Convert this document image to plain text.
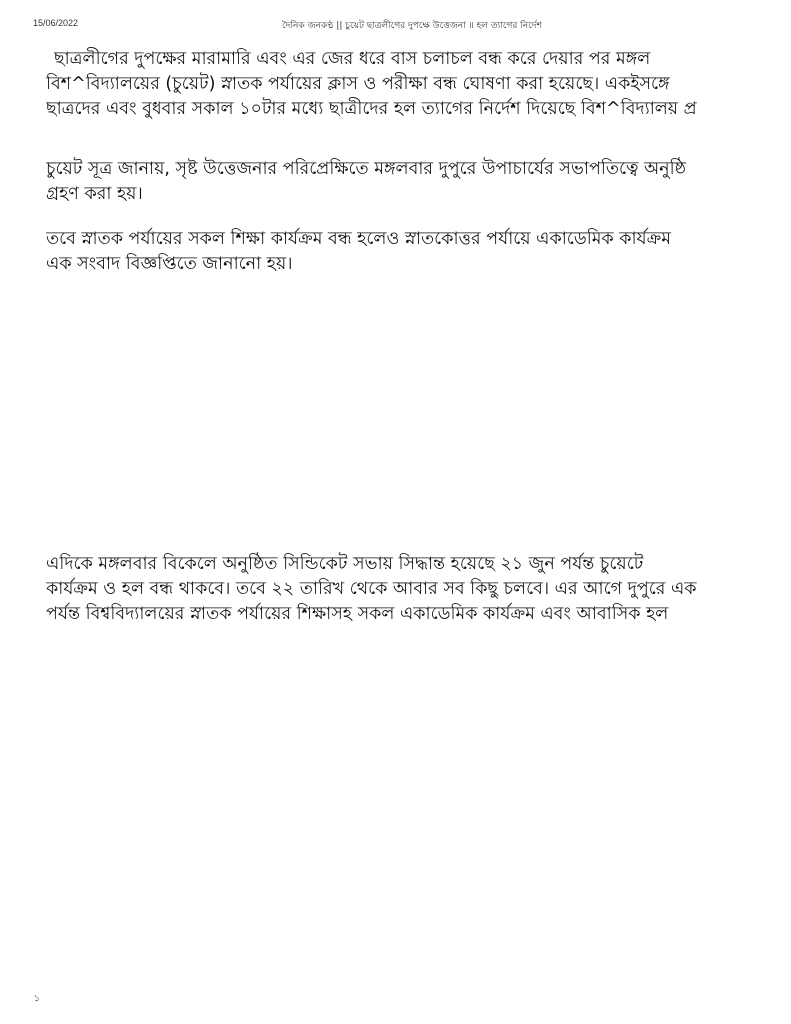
15/06/2022	দৈনিক জনকণ্ঠ || চুয়েট ছাত্রলীগের দুপক্ষে উত্তেজনা ॥ হল ত্যাগের নির্দেশ
ছাত্রলীগের দুপক্ষের মারামারি এবং এর জের ধরে বাস চলাচল বন্ধ করে দেয়ার পর মঙ্গল
বিশ^বিদ্যালয়ের (চুয়েট) স্নাতক পর্যায়ের ক্লাস ও পরীক্ষা বন্ধ ঘোষণা করা হয়েছে। একইসঙ্গে
ছাত্রদের এবং বুধবার সকাল ১০টার মধ্যে ছাত্রীদের হল ত্যাগের নির্দেশ দিয়েছে বিশ^বিদ্যালয় প্র
চুয়েট সূত্র জানায়, সৃষ্ট উত্তেজনার পরিপ্রেক্ষিতে মঙ্গলবার দুপুরে উপাচার্যের সভাপতিত্বে অনুষ্ঠি
গ্রহণ করা হয়।
তবে স্নাতক পর্যায়ের সকল শিক্ষা কার্যক্রম বন্ধ হলেও স্নাতকোত্তর পর্যায়ে একাডেমিক কার্যক্রম
এক সংবাদ বিজ্ঞপ্তিতে জানানো হয়।
এদিকে মঙ্গলবার বিকেলে অনুষ্ঠিত সিন্ডিকেট সভায় সিদ্ধান্ত হয়েছে ২১ জুন পর্যন্ত চুয়েটে
কার্যক্রম ও হল বন্ধ থাকবে। তবে ২২ তারিখ থেকে আবার সব কিছু চলবে। এর আগে দুপুরে এক
পর্যন্ত বিশ্ববিদ্যালয়ের স্নাতক পর্যায়ের শিক্ষাসহ সকল একাডেমিক কার্যক্রম এবং আবাসিক হল
১
